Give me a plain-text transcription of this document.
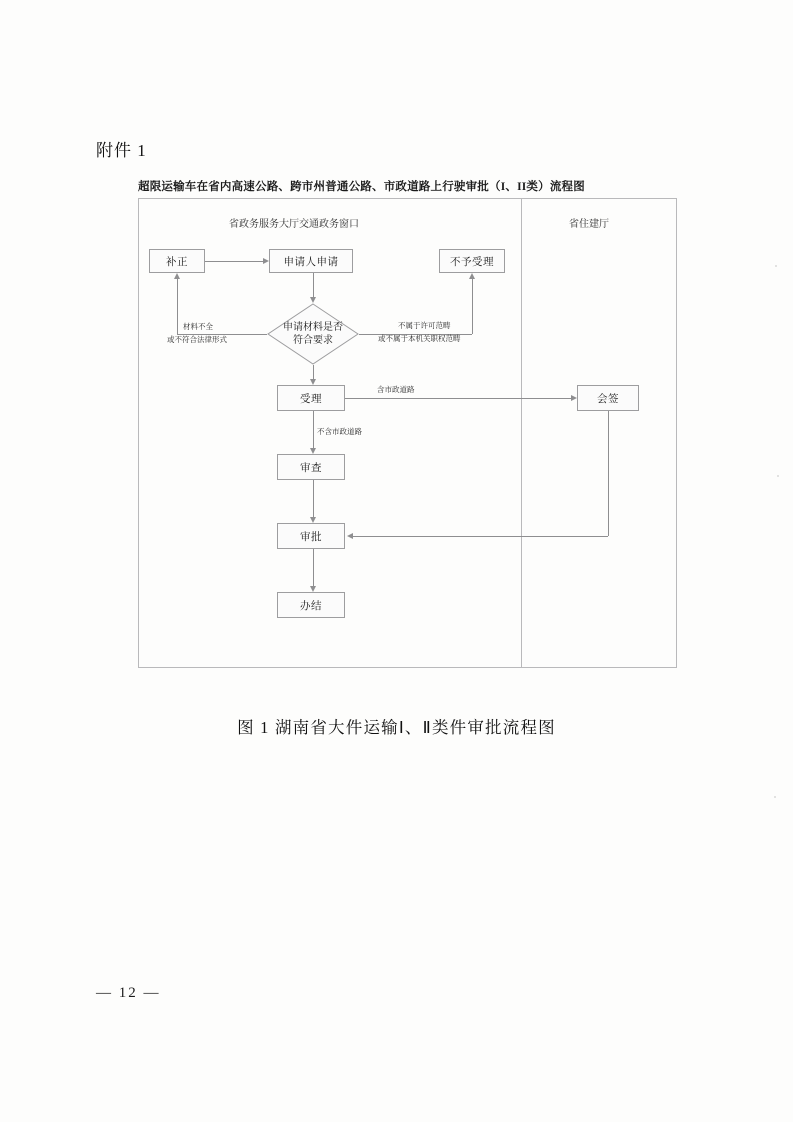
附件 1
超限运输车在省内高速公路、跨市州普通公路、市政道路上行驶审批（I、II类）流程图
省政务服务大厅交通政务窗口	省住建厅
补正	申请人申请	不予受理
申请材料是否
符合要求
受理	会签
审查
审批
办结
材料不全
或不符合法律形式
不属于许可范畴
或不属于本机关职权范畴
含市政道路
不含市政道路
图 1 湖南省大件运输Ⅰ、Ⅱ类件审批流程图
— 12 —
